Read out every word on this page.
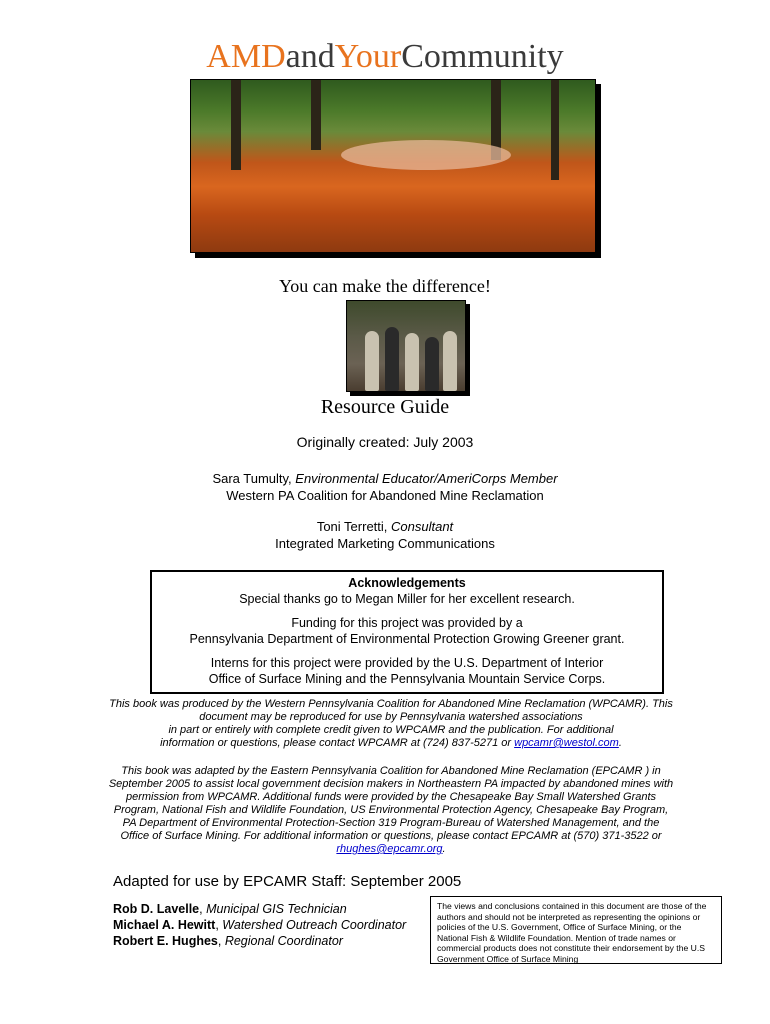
AMDandYourCommunity
You can make the difference!
Resource Guide
Originally created: July 2003
Sara Tumulty, Environmental Educator/AmeriCorps Member
Western PA Coalition for Abandoned Mine Reclamation
Toni Terretti, Consultant
Integrated Marketing Communications

Acknowledgements

Special thanks go to Megan Miller for her excellent research.

Funding for this project was provided by a

Pennsylvania Department of Environmental Protection Growing Greener grant.

Interns for this project were provided by the U.S. Department of Interior

Office of Surface Mining and the Pennsylvania Mountain Service Corps.

This book was produced by the Western Pennsylvania Coalition for Abandoned Mine Reclamation (WPCAMR). This
document may be reproduced for use by Pennsylvania watershed associations
in part or entirely with complete credit given to WPCAMR and the publication. For additional
information or questions, please contact WPCAMR at (724) 837-5271 or wpcamr@westol.com.
This book was adapted by the Eastern Pennsylvania Coalition for Abandoned Mine Reclamation (EPCAMR ) in
September 2005 to assist local government decision makers in Northeastern PA impacted by abandoned mines with
permission from WPCAMR. Additional funds were provided by the Chesapeake Bay Small Watershed Grants
Program, National Fish and Wildlife Foundation, US Environmental Protection Agency, Chesapeake Bay Program,
PA Department of Environmental Protection-Section 319 Program-Bureau of Watershed Management, and the
Office of Surface Mining. For additional information or questions, please contact EPCAMR at (570) 371-3522 or
rhughes@epcamr.org.
Adapted for use by EPCAMR Staff: September 2005
Rob D. Lavelle, Municipal GIS Technician
Michael A. Hewitt, Watershed Outreach Coordinator
Robert E. Hughes, Regional Coordinator
The views and conclusions contained in this document are those of the authors and should not be interpreted as representing the opinions or policies of the U.S. Government, Office of Surface Mining, or the National Fish & Wildlife Foundation. Mention of trade names or commercial products does not constitute their endorsement by the U.S Government Office of Surface Mining
